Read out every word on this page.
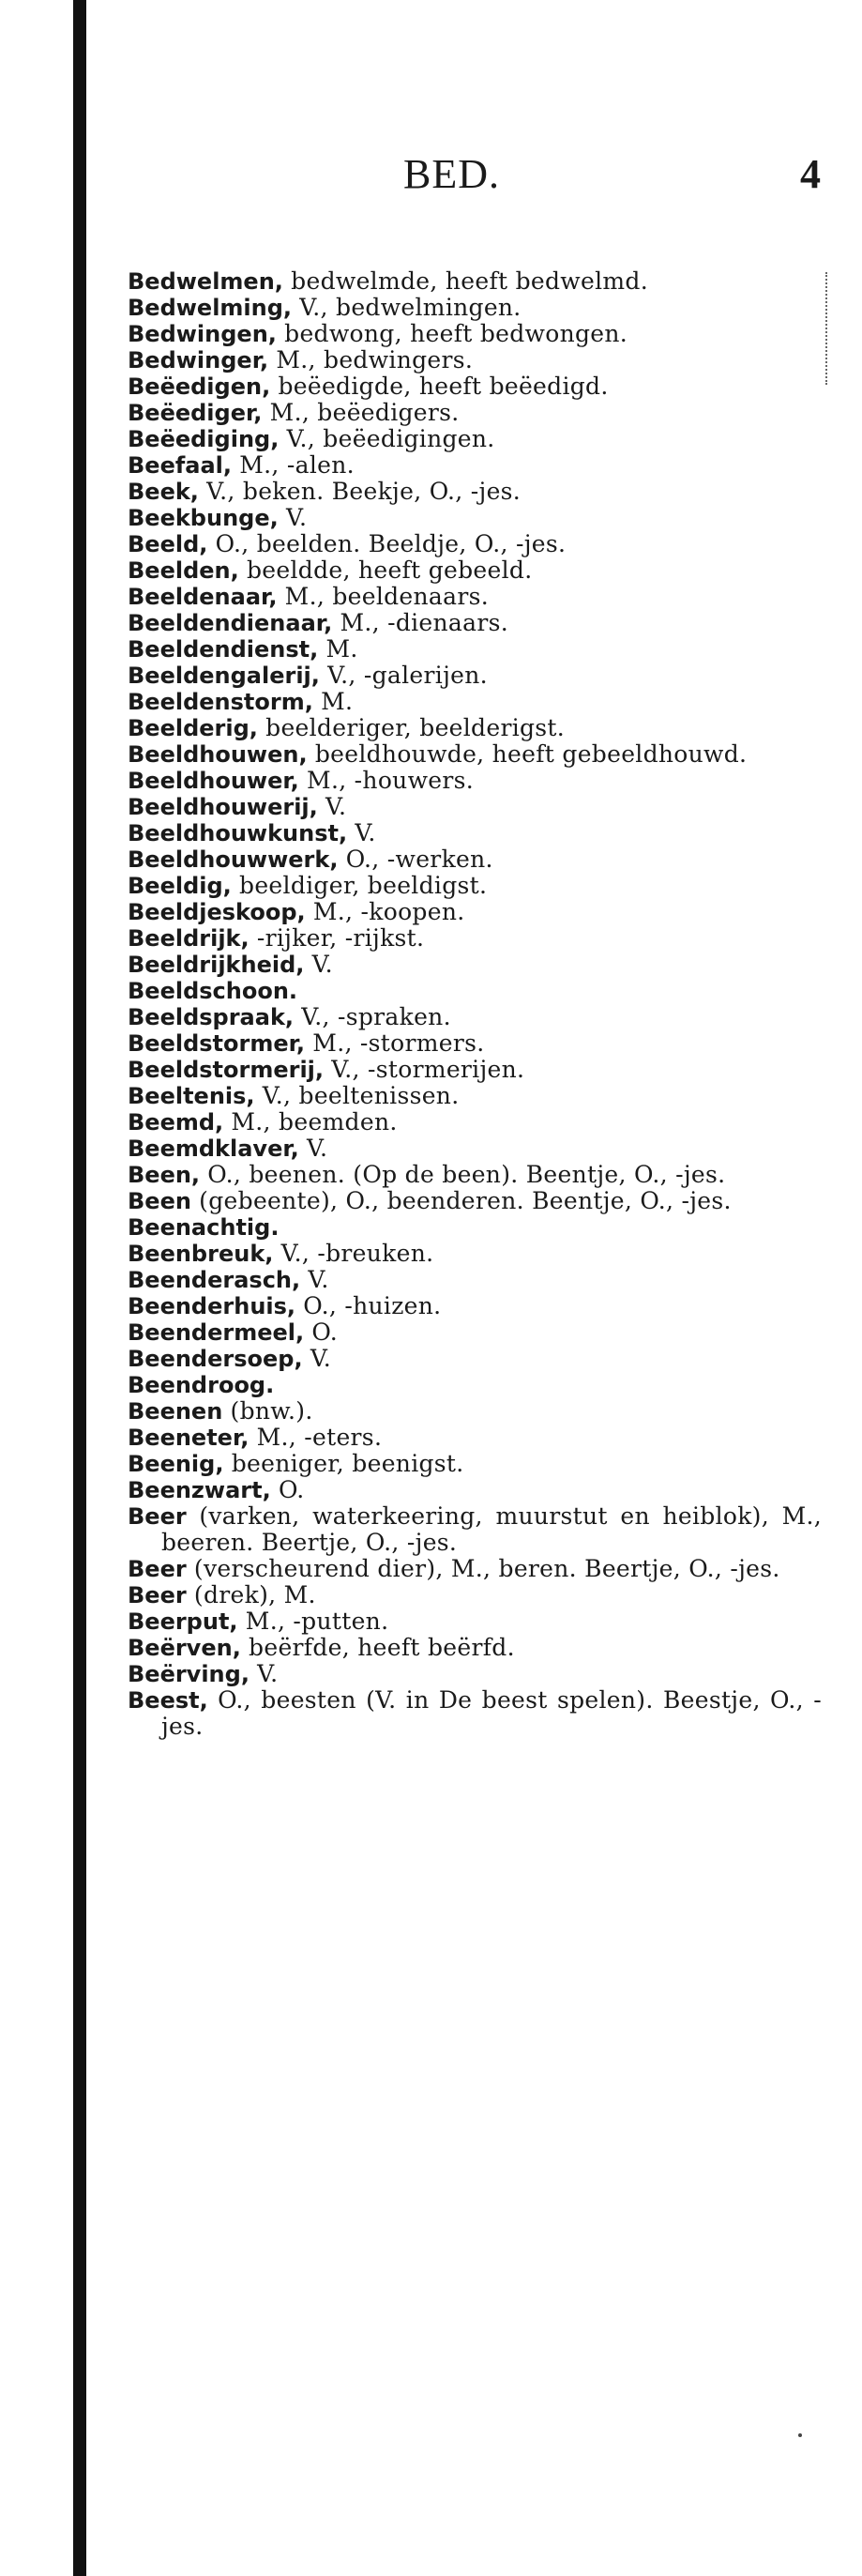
BED.	4
Bedwelmen, bedwelmde, heeft bedwelmd.
Bedwelming, V., bedwelmingen.
Bedwingen, bedwong, heeft bedwongen.
Bedwinger, M., bedwingers.
Beëedigen, beëedigde, heeft beëedigd.
Beëediger, M., beëedigers.
Beëediging, V., beëedigingen.
Beefaal, M., -alen.
Beek, V., beken. Beekje, O., -jes.
Beekbunge, V.
Beeld, O., beelden. Beeldje, O., -jes.
Beelden, beeldde, heeft gebeeld.
Beeldenaar, M., beeldenaars.
Beeldendienaar, M., -dienaars.
Beeldendienst, M.
Beeldengalerij, V., -galerijen.
Beeldenstorm, M.
Beelderig, beelderiger, beelderigst.
Beeldhouwen, beeldhouwde, heeft gebeeldhouwd.
Beeldhouwer, M., -houwers.
Beeldhouwerij, V.
Beeldhouwkunst, V.
Beeldhouwwerk, O., -werken.
Beeldig, beeldiger, beeldigst.
Beeldjeskoop, M., -koopen.
Beeldrijk, -rijker, -rijkst.
Beeldrijkheid, V.
Beeldschoon.
Beeldspraak, V., -spraken.
Beeldstormer, M., -stormers.
Beeldstormerij, V., -stormerijen.
Beeltenis, V., beeltenissen.
Beemd, M., beemden.
Beemdklaver, V.
Been, O., beenen. (Op de been). Beentje, O., -jes.
Been (gebeente), O., beenderen. Beentje, O., -jes.
Beenachtig.
Beenbreuk, V., -breuken.
Beenderasch, V.
Beenderhuis, O., -huizen.
Beendermeel, O.
Beendersoep, V.
Beendroog.
Beenen (bnw.).
Beeneter, M., -eters.
Beenig, beeniger, beenigst.
Beenzwart, O.
Beer (varken, waterkeering, muurstut en heiblok), M., beeren. Beertje, O., -jes.
Beer (verscheurend dier), M., beren. Beertje, O., -jes.
Beer (drek), M.
Beerput, M., -putten.
Beërven, beërfde, heeft beërfd.
Beërving, V.
Beest, O., beesten (V. in De beest spelen). Beestje, O., -jes.
